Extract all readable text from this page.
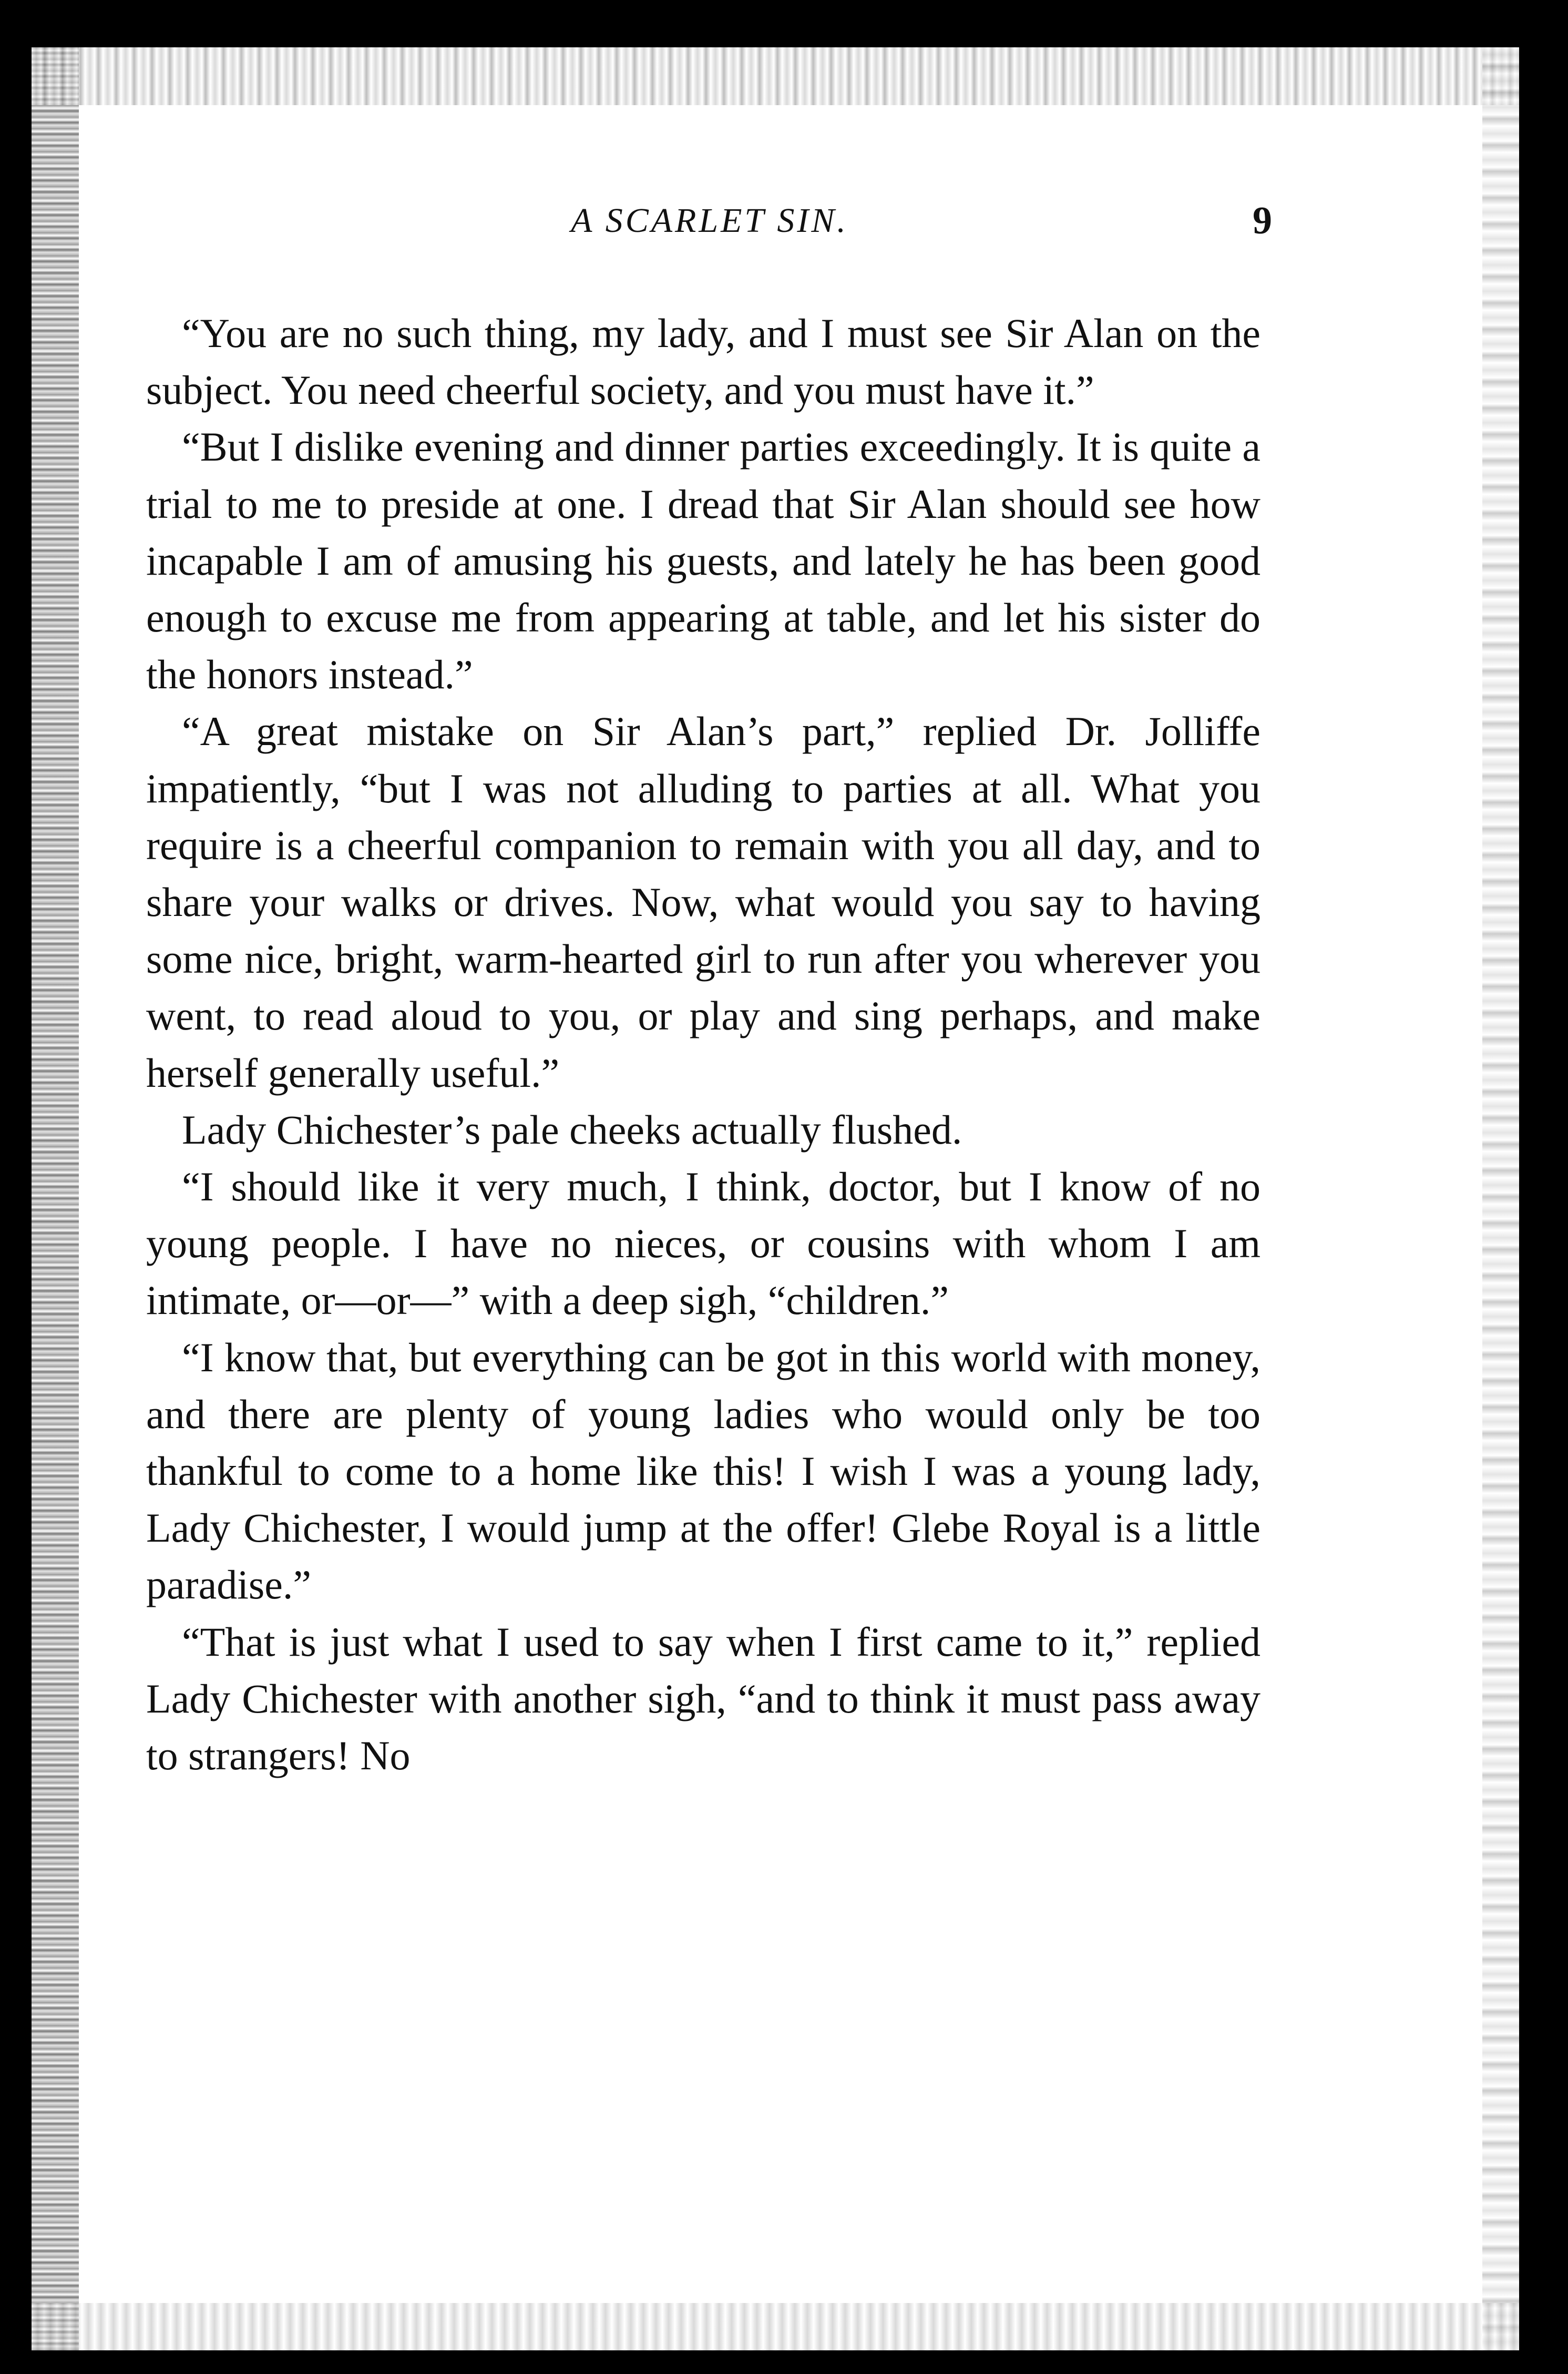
A SCARLET SIN.	9

“You are no such thing, my lady, and I must see Sir Alan on the subject. You need cheerful society, and you must have it.”

“But I dislike evening and dinner parties exceedingly. It is quite a trial to me to preside at one. I dread that Sir Alan should see how incapable I am of amusing his guests, and lately he has been good enough to excuse me from appearing at table, and let his sister do the honors instead.”

“A great mistake on Sir Alan’s part,” replied Dr. Jolliffe impatiently, “but I was not alluding to parties at all. What you require is a cheerful companion to remain with you all day, and to share your walks or drives. Now, what would you say to having some nice, bright, warm-hearted girl to run after you wherever you went, to read aloud to you, or play and sing perhaps, and make herself generally useful.”

Lady Chichester’s pale cheeks actually flushed.

“I should like it very much, I think, doctor, but I know of no young people. I have no nieces, or cousins with whom I am intimate, or—or—” with a deep sigh, “children.”

“I know that, but everything can be got in this world with money, and there are plenty of young ladies who would only be too thankful to come to a home like this! I wish I was a young lady, Lady Chichester, I would jump at the offer! Glebe Royal is a little paradise.”

“That is just what I used to say when I first came to it,” replied Lady Chichester with another sigh, “and to think it must pass away to strangers! No
